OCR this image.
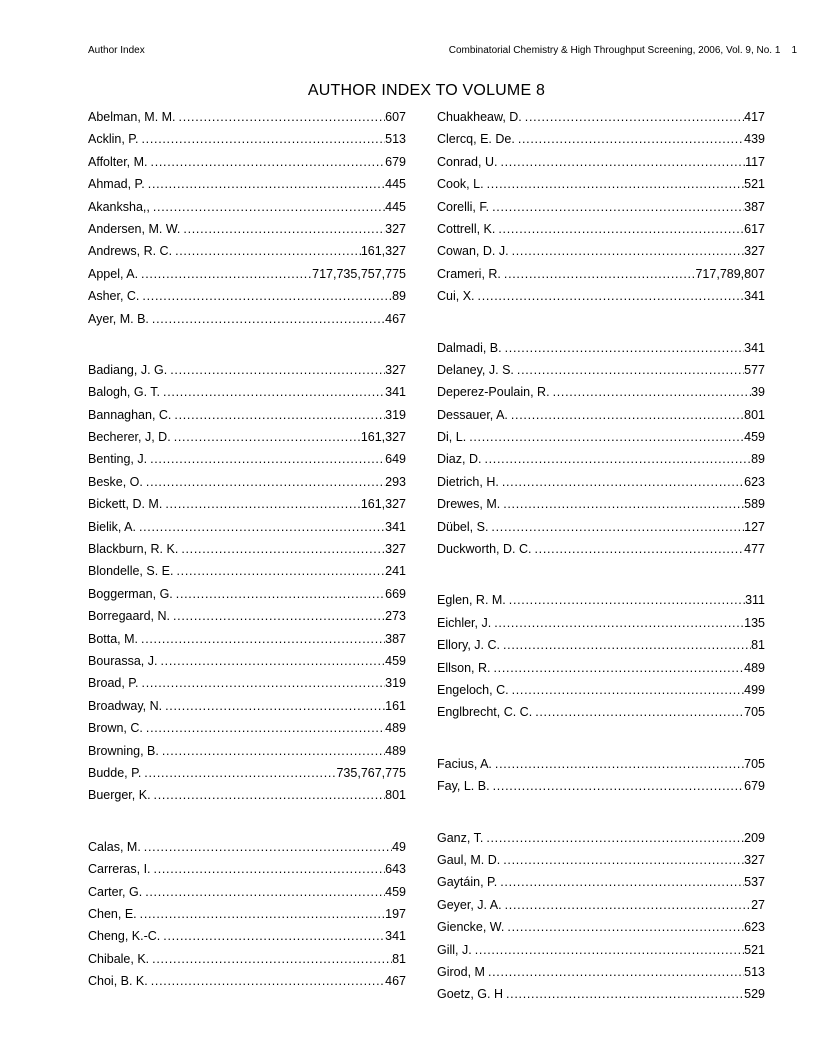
Author Index	Combinatorial Chemistry & High Throughput Screening, 2006, Vol. 9, No. 1 1
AUTHOR INDEX TO VOLUME 8
Abelman, M. M. .....	607
Acklin, P. .....	513
Affolter, M. .....	679
Ahmad, P. .....	445
Akanksha,, .....	445
Andersen, M. W. .....	327
Andrews, R. C. .....	161,327
Appel, A. .....	717,735,757,775
Asher, C. .....	89
Ayer, M. B. .....	467
Badiang, J. G. .....	327
Balogh, G. T. .....	341
Bannaghan, C. .....	319
Becherer, J, D. .....	161,327
Benting, J. .....	649
Beske, O. .....	293
Bickett, D. M. .....	161,327
Bielik, A. .....	341
Blackburn, R. K. .....	327
Blondelle, S. E. .....	241
Boggerman, G. .....	669
Borregaard, N. .....	273
Botta, M. .....	387
Bourassa, J. .....	459
Broad, P. .....	319
Broadway, N. .....	161
Brown, C. .....	489
Browning, B. .....	489
Budde, P. .....	735,767,775
Buerger, K. .....	801
Calas, M. .....	49
Carreras, I. .....	643
Carter, G. .....	459
Chen, E. .....	197
Cheng, K.-C. .....	341
Chibale, K. .....	81
Choi, B. K. .....	467
Chuakheaw, D. .....	417
Clercq, E. De. .....	439
Conrad, U. .....	117
Cook, L. .....	521
Corelli, F. .....	387
Cottrell, K. .....	617
Cowan, D. J. .....	327
Crameri, R. .....	717,789,807
Cui, X. .....	341
Dalmadi, B. .....	341
Delaney, J. S. .....	577
Deperez-Poulain, R. .....	39
Dessauer, A. .....	801
Di, L. .....	459
Diaz, D. .....	89
Dietrich, H. .....	623
Drewes, M. .....	589
Dübel, S. .....	127
Duckworth, D. C. .....	477
Eglen, R. M. .....	311
Eichler, J. .....	135
Ellory, J. C. .....	81
Ellson, R. .....	489
Engeloch, C. .....	499
Englbrecht, C. C. .....	705
Facius, A. .....	705
Fay, L. B. .....	679
Ganz, T. .....	209
Gaul, M. D. .....	327
Gaytáin, P. .....	537
Geyer, J. A. .....	27
Giencke, W. .....	623
Gill, J. .....	521
Girod, M .....	513
Goetz, G. H .....	529
